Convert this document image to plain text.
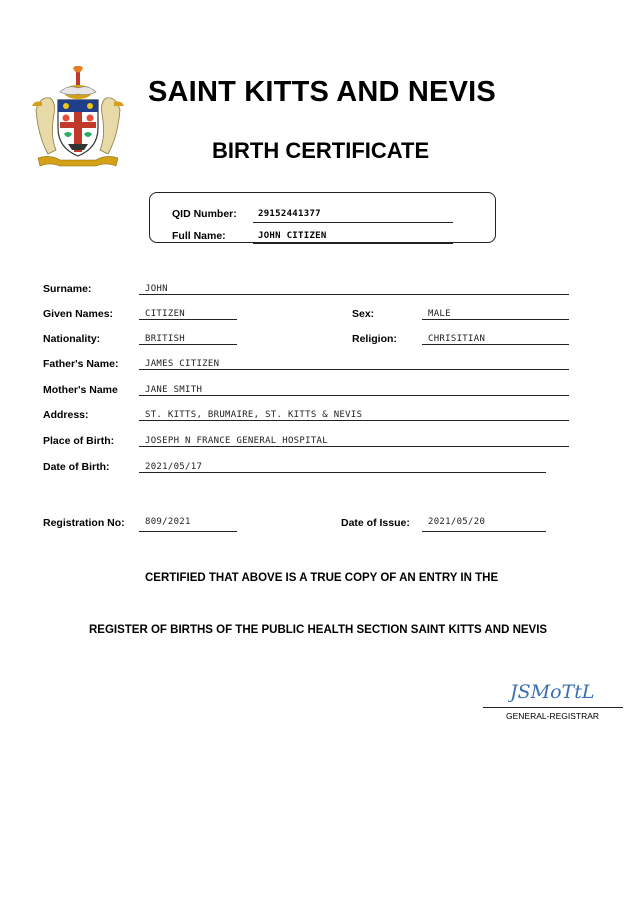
SAINT KITTS AND NEVIS
BIRTH CERTIFICATE
QID Number: 29152441377
Full Name:	JOHN CITIZEN
Surname:	JOHN
Given Names:	CITIZEN	Sex:	MALE
Nationality:	BRITISH	Religion:	CHRISITIAN
Father's Name:	JAMES CITIZEN
Mother's Name	JANE SMITH
Address:	ST. KITTS, BRUMAIRE, ST. KITTS & NEVIS
Place of Birth:	JOSEPH N FRANCE GENERAL HOSPITAL
Date of Birth:	2021/05/17
Registration No: 809/2021	Date of Issue: 2021/05/20
CERTIFIED THAT ABOVE IS A TRUE COPY OF AN ENTRY IN THE
REGISTER OF BIRTHS OF THE PUBLIC HEALTH SECTION SAINT KITTS AND NEVIS
JSMoTtL
GENERAL-REGISTRAR
